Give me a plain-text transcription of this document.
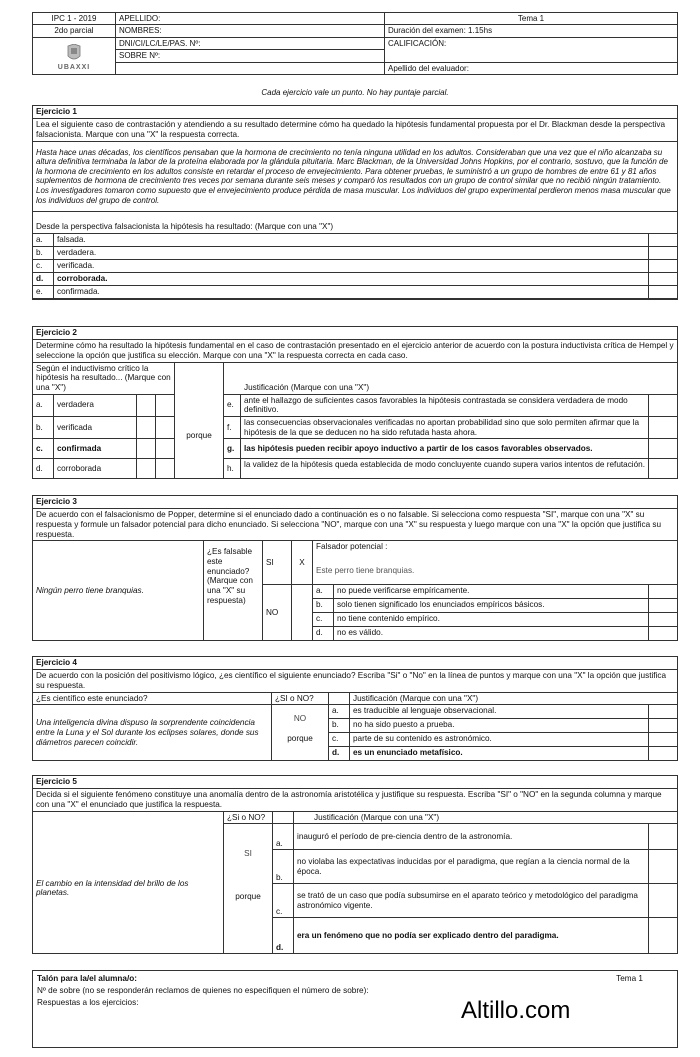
IPC 1 - 2019	APELLIDO:	Tema 1
2do parcial	NOMBRES:	Duración del examen: 1.15hs

UBAXXI	DNI/CI/LC/LE/PAS. Nº:	CALIFICACIÓN:
	SOBRE Nº:	
		Apellido del evaluador:
Cada ejercicio vale un punto. No hay puntaje parcial.
Ejercicio 1
Lea el siguiente caso de contrastación y atendiendo a su resultado determine cómo ha quedado la hipótesis fundamental propuesta por el Dr. Blackman desde la perspectiva falsacionista. Marque con una "X" la respuesta correcta.
Hasta hace unas décadas, los científicos pensaban que la hormona de crecimiento no tenía ninguna utilidad en los adultos. Consideraban que una vez que el niño alcanzaba su altura definitiva terminaba la labor de la proteína elaborada por la glándula pituitaria. Marc Blackman, de la Universidad Johns Hopkins, por el contrario, sostuvo, que la función de la hormona de crecimiento en los adultos consiste en retardar el proceso de envejecimiento. Para obtener pruebas, le suministró a un grupo de hombres de entre 61 y 81 años suplementos de hormona de crecimiento tres veces por semana durante seis meses y comparó los resultados con un grupo de control similar que no recibió ningún tratamiento. Los investigadores tomaron como supuesto que el envejecimiento produce pérdida de masa muscular. Los individuos del grupo experimental perdieron menos masa muscular que los individuos del grupo de control.
Desde la perspectiva falsacionista la hipótesis ha resultado: (Marque con una "X")
a.	falsada.	
b.	verdadera.	
c.	verificada.	
d.	corroborada.	
e.	confirmada.	
Ejercicio 2
Determine cómo ha resultado la hipótesis fundamental en el caso de contrastación presentado en el ejercicio anterior de acuerdo con la postura inductivista crítica de Hempel y seleccione la opción que justifica su elección. Marque con una "X" la respuesta correcta en cada caso.
Según el inductivismo crítico la hipótesis ha resultado... (Marque con una "X")					Justificación (Marque con una "X")		
a.	verdadera			porque	e.	ante el hallazgo de suficientes casos favorables la hipótesis contrastada se considera verdadera de modo definitivo.	
b.	verificada				f.	las consecuencias observacionales verificadas no aportan probabilidad sino que solo permiten afirmar que la hipótesis de la que se deducen no ha sido refutada hasta ahora.	
c.	confirmada				g.	las hipótesis pueden recibir apoyo inductivo a partir de los casos favorables observados.	
d.	corroborada				h.	la validez de la hipótesis queda establecida de modo concluyente cuando supera varios intentos de refutación.	
Ejercicio 3
De acuerdo con el falsacionismo de Popper, determine si el enunciado dado a continuación es o no falsable. Si selecciona como respuesta "SI", marque con una "X" su respuesta y formule un falsador potencial para dicho enunciado. Si selecciona "NO", marque con una "X" su respuesta y luego marque con una "X" la opción que justifica su respuesta.
Ningún perro tiene branquias.	¿Es falsable este enunciado? (Marque con una "X" su respuesta)	SI	X	Falsador potencial :
Este perro tiene branquias.		

		NO		a.	no puede verificarse empíricamente.	
				b.	solo tienen significado los enunciados empíricos básicos.	
				c.	no tiene contenido empírico.	
				d.	no es válido.	
Ejercicio 4
De acuerdo con la posición del positivismo lógico, ¿es científico el siguiente enunciado? Escriba "Si" o "No" en la línea de puntos y marque con una "X" la opción que justifica su respuesta.
¿Es científico este enunciado?	¿SI o NO?		Justificación (Marque con una "X")	
Una inteligencia divina dispuso la sorprendente coincidencia entre la Luna y el Sol durante los eclipses solares, donde sus diámetros parecen coincidir.	NO	a.	es traducible al lenguaje observacional.	
		b.	no ha sido puesto a prueba.	
	porque	c.	parte de su contenido es astronómico.	
		d.	es un enunciado metafísico.	
Ejercicio 5
Decida si el siguiente fenómeno constituye una anomalía dentro de la astronomía aristotélica y justifique su respuesta. Escriba "SI" o "NO" en la segunda columna y marque con una "X" el enunciado que justifica la respuesta.
	¿Si o NO?		Justificación (Marque con una "X")	
El cambio en la intensidad del brillo de los planetas.	SI	a.	inauguró el período de pre-ciencia dentro de la astronomía.	
		b.	no violaba las expectativas inducidas por el paradigma, que regían a la ciencia normal de la época.	
	porque	c.	se trató de un caso que podía subsumirse en el aparato teórico y metodológico del paradigma astronómico vigente.	
		d.	era un fenómeno que no podía ser explicado dentro del paradigma.	
Talón para la/el alumna/o:	Tema 1
Nº de sobre (no se responderán reclamos de quienes no especifiquen el número de sobre):
Respuestas a los ejercicios:	Altillo.com
